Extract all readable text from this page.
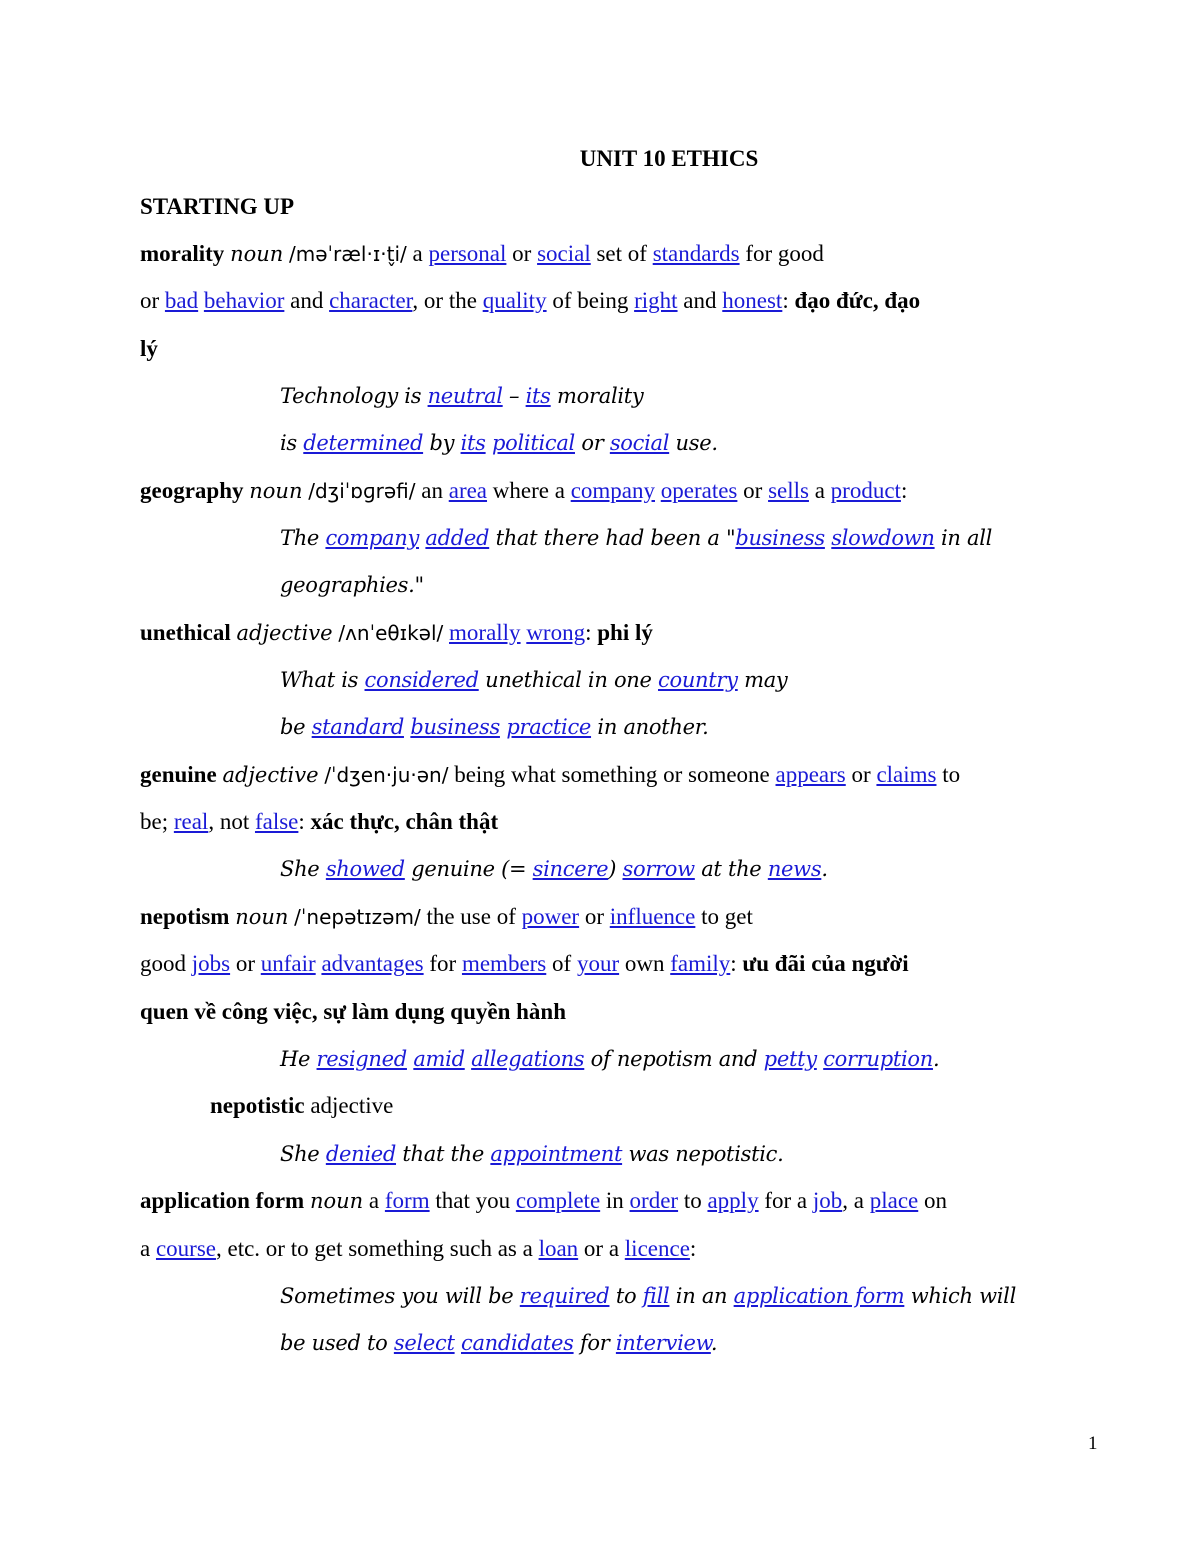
UNIT 10 ETHICS
STARTING UP
morality noun /məˈræl·ɪ·t̬i/ a personal or social set of standards for good
or bad behavior and character, or the quality of being right and honest: đạo đức, đạo
lý
Technology is neutral – its morality
is determined by its political or social use.
geography noun /dʒiˈɒɡrəfi/ an area where a company operates or sells a product:
The company added that there had been a "business slowdown in all
geographies."
unethical adjective /ʌnˈeθɪkəl/ morally wrong: phi lý
What is considered unethical in one country may
be standard business practice in another.
genuine adjective /ˈdʒen·ju·ən/ being what something or someone appears or claims to
be; real, not false: xác thực, chân thật
She showed genuine (= sincere) sorrow at the news.
nepotism noun /ˈnepətɪzəm/ the use of power or influence to get
good jobs or unfair advantages for members of your own family: ưu đãi của người
quen về công việc, sự làm dụng quyền hành
He resigned amid allegations of nepotism and petty corruption.
nepotistic adjective
She denied that the appointment was nepotistic.
application form noun a form that you complete in order to apply for a job, a place on
a course, etc. or to get something such as a loan or a licence:
Sometimes you will be required to fill in an application form which will
be used to select candidates for interview.
1
